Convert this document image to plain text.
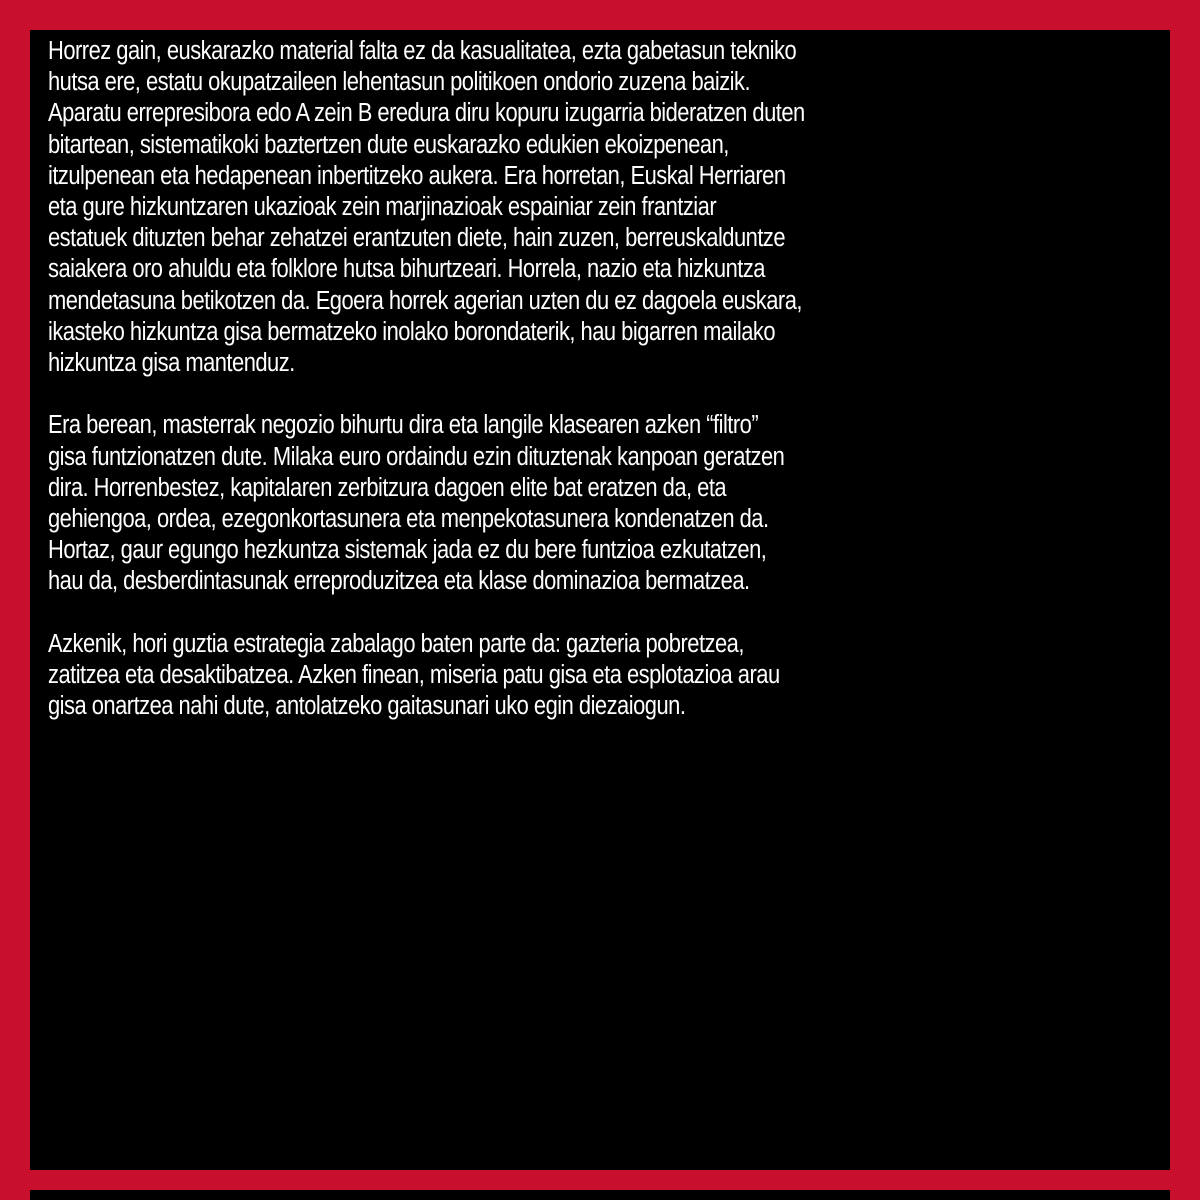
Horrez gain, euskarazko material falta ez da kasualitatea, ezta gabetasun tekniko
hutsa ere, estatu okupatzaileen lehentasun politikoen ondorio zuzena baizik.
Aparatu errepresibora edo A zein B eredura diru kopuru izugarria bideratzen duten
bitartean, sistematikoki baztertzen dute euskarazko edukien ekoizpenean,
itzulpenean eta hedapenean inbertitzeko aukera. Era horretan, Euskal Herriaren
eta gure hizkuntzaren ukazioak zein marjinazioak espainiar zein frantziar
estatuek dituzten behar zehatzei erantzuten diete, hain zuzen, berreuskalduntze
saiakera oro ahuldu eta folklore hutsa bihurtzeari. Horrela, nazio eta hizkuntza
mendetasuna betikotzen da. Egoera horrek agerian uzten du ez dagoela euskara,
ikasteko hizkuntza gisa bermatzeko inolako borondaterik, hau bigarren mailako
hizkuntza gisa mantenduz.

Era berean, masterrak negozio bihurtu dira eta langile klasearen azken “filtro”
gisa funtzionatzen dute. Milaka euro ordaindu ezin dituztenak kanpoan geratzen
dira. Horrenbestez, kapitalaren zerbitzura dagoen elite bat eratzen da, eta
gehiengoa, ordea, ezegonkortasunera eta menpekotasunera kondenatzen da.
Hortaz, gaur egungo hezkuntza sistemak jada ez du bere funtzioa ezkutatzen,
hau da, desberdintasunak erreproduzitzea eta klase dominazioa bermatzea.

Azkenik, hori guztia estrategia zabalago baten parte da: gazteria pobretzea,
zatitzea eta desaktibatzea. Azken finean, miseria patu gisa eta esplotazioa arau
gisa onartzea nahi dute, antolatzeko gaitasunari uko egin diezaiogun.
